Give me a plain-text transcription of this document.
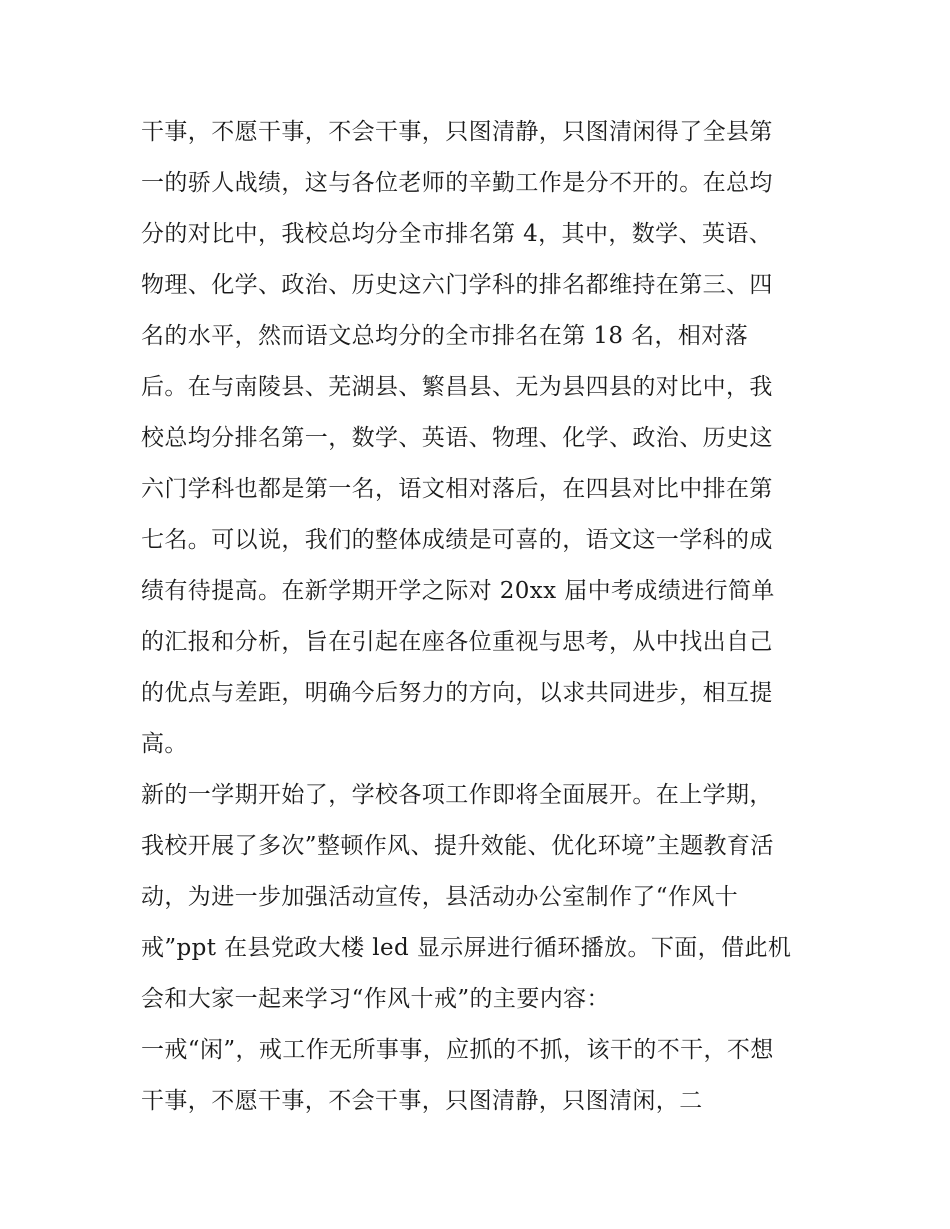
干事，不愿干事，不会干事，只图清静，只图清闲得了全县第
一的骄人战绩，这与各位老师的辛勤工作是分不开的。在总均
分的对比中，我校总均分全市排名第 4，其中，数学、英语、
物理、化学、政治、历史这六门学科的排名都维持在第三、四
名的水平，然而语文总均分的全市排名在第 18 名，相对落
后。在与南陵县、芜湖县、繁昌县、无为县四县的对比中，我
校总均分排名第一，数学、英语、物理、化学、政治、历史这
六门学科也都是第一名，语文相对落后，在四县对比中排在第
七名。可以说，我们的整体成绩是可喜的，语文这一学科的成
绩有待提高。在新学期开学之际对 20xx 届中考成绩进行简单
的汇报和分析，旨在引起在座各位重视与思考，从中找出自己
的优点与差距，明确今后努力的方向，以求共同进步，相互提
高。
新的一学期开始了，学校各项工作即将全面展开。在上学期，
我校开展了多次”整顿作风、提升效能、优化环境”主题教育活
动，为进一步加强活动宣传，县活动办公室制作了“作风十
戒”ppt 在县党政大楼 led 显示屏进行循环播放。下面，借此机
会和大家一起来学习“作风十戒”的主要内容：
一戒“闲”，戒工作无所事事，应抓的不抓，该干的不干，不想
干事，不愿干事，不会干事，只图清静，只图清闲，二
